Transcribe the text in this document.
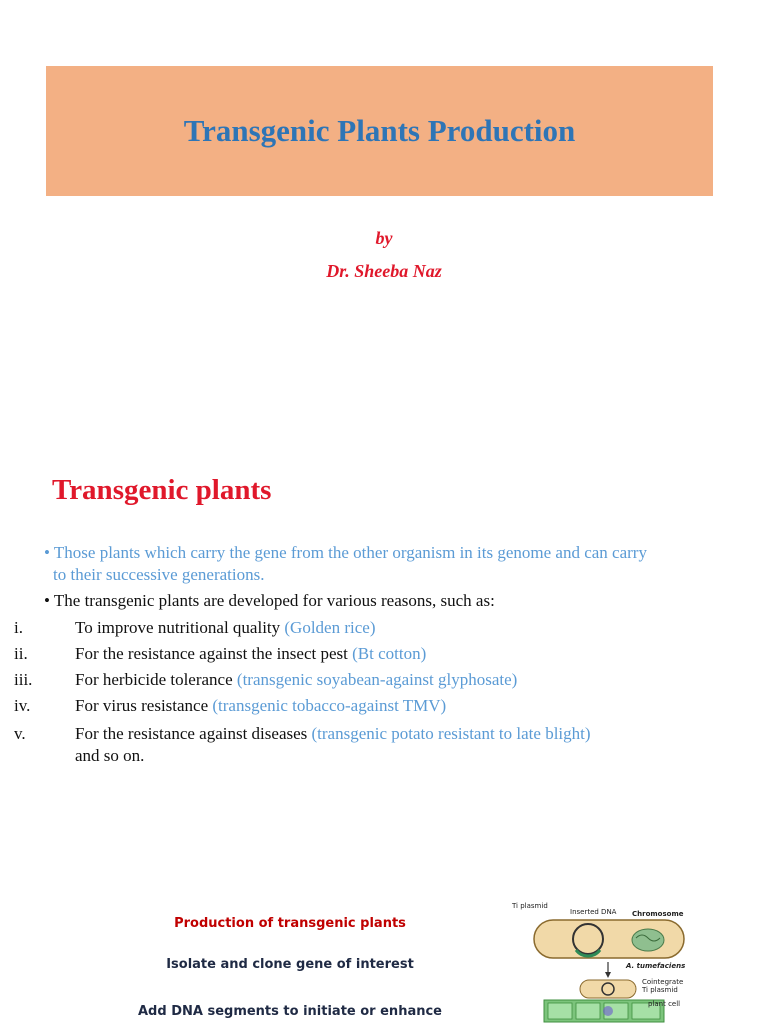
Transgenic Plants Production
by
Dr. Sheeba Naz
Transgenic plants
• Those plants which carry the gene from the other organism in its genome and can carry
to their successive generations.
• The transgenic plants are developed for various reasons, such as:
i.	To improve nutritional quality (Golden rice)
ii.	For the resistance against the insect pest (Bt cotton)
iii.	For herbicide tolerance (transgenic soyabean-against glyphosate)
iv.	For virus resistance (transgenic tobacco-against TMV)
v.	For the resistance against diseases (transgenic potato resistant to late blight)
and so on.
Production of transgenic plants
Isolate and clone gene of interest
Add DNA segments to initiate or enhance
Ti plasmid
Inserted DNA Chromosome
A. tumefaciens
Cointegrate
Ti plasmid
plant cell
